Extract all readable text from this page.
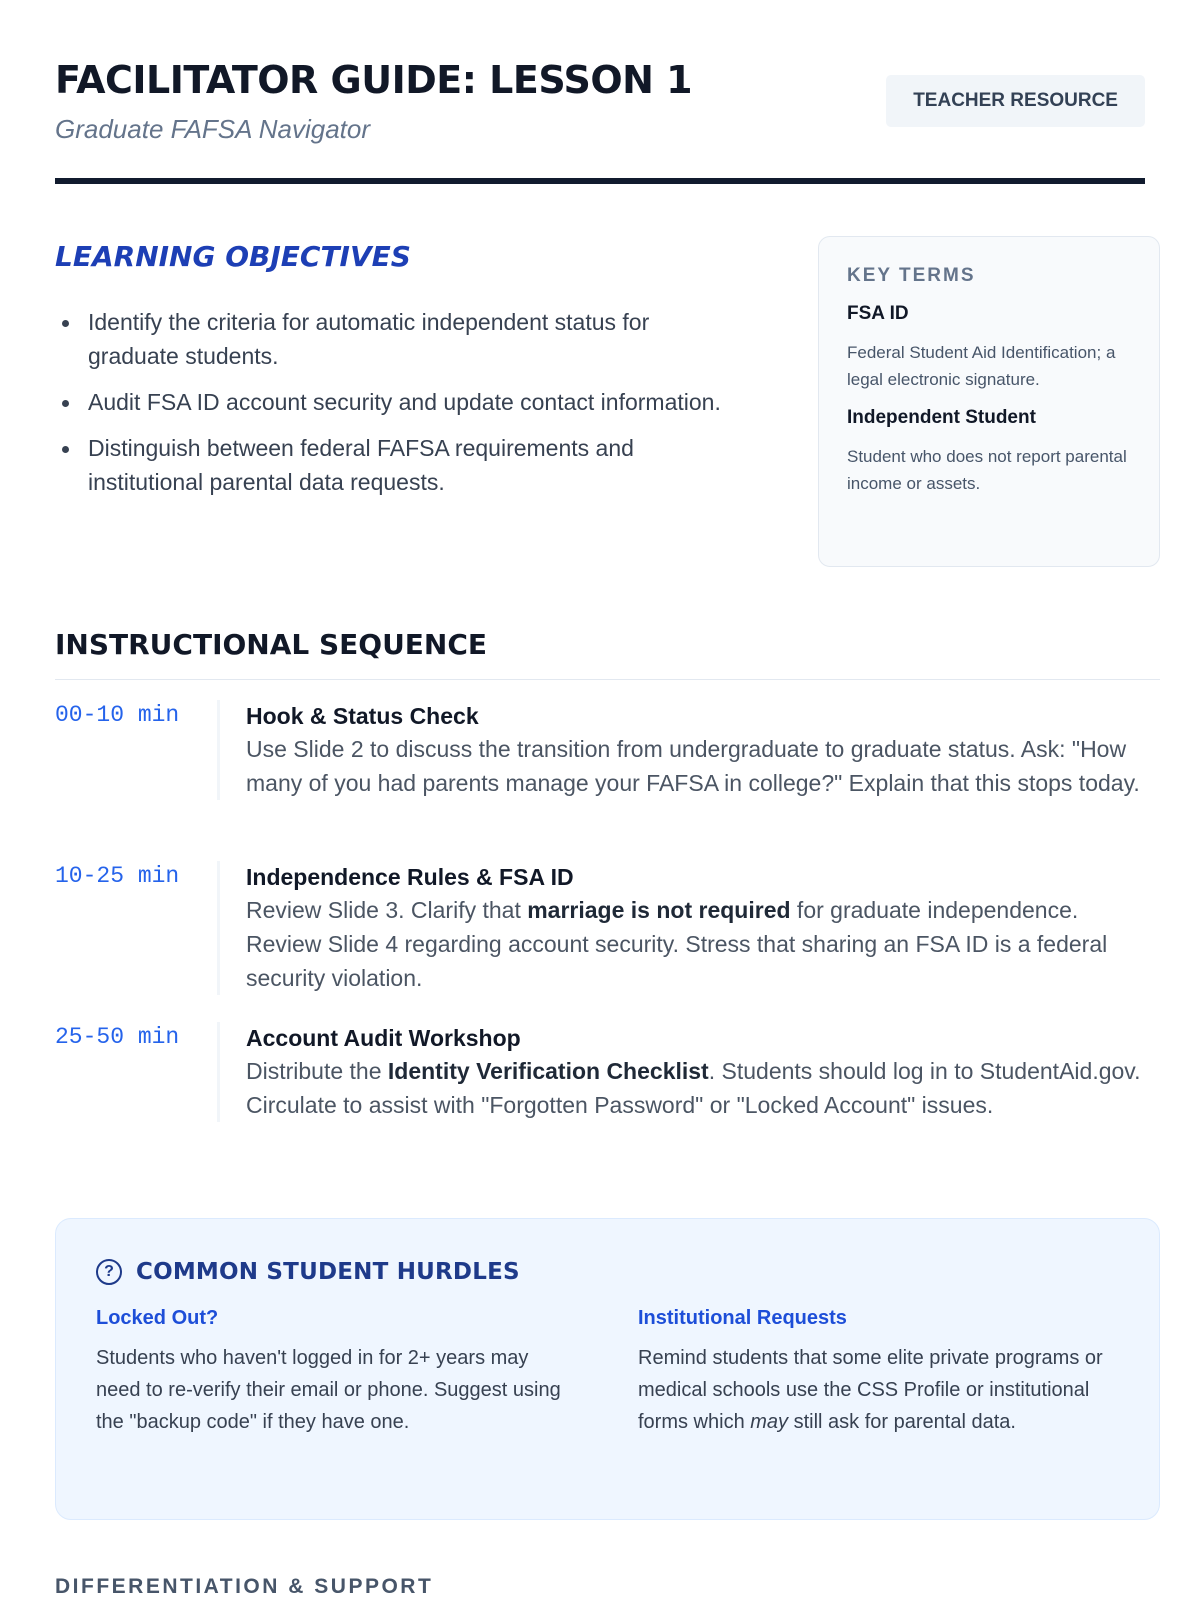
FACILITATOR GUIDE: LESSON 1
Graduate FAFSA Navigator
TEACHER RESOURCE
LEARNING OBJECTIVES
Identify the criteria for automatic independent status for graduate students.
Audit FSA ID account security and update contact information.
Distinguish between federal FAFSA requirements and institutional parental data requests.
KEY TERMS
FSA ID
Federal Student Aid Identification; a legal electronic signature.
Independent Student
Student who does not report parental income or assets.
INSTRUCTIONAL SEQUENCE
00-10 min	Hook & Status Check
Use Slide 2 to discuss the transition from undergraduate to graduate status. Ask: "How many of you had parents manage your FAFSA in college?" Explain that this stops today.
10-25 min	Independence Rules & FSA ID
Review Slide 3. Clarify that marriage is not required for graduate independence. Review Slide 4 regarding account security. Stress that sharing an FSA ID is a federal security violation.
25-50 min	Account Audit Workshop
Distribute the Identity Verification Checklist. Students should log in to StudentAid.gov. Circulate to assist with "Forgotten Password" or "Locked Account" issues.
? COMMON STUDENT HURDLES
Locked Out?
Students who haven't logged in for 2+ years may need to re-verify their email or phone. Suggest using the "backup code" if they have one.
Institutional Requests
Remind students that some elite private programs or medical schools use the CSS Profile or institutional forms which may still ask for parental data.
DIFFERENTIATION & SUPPORT
